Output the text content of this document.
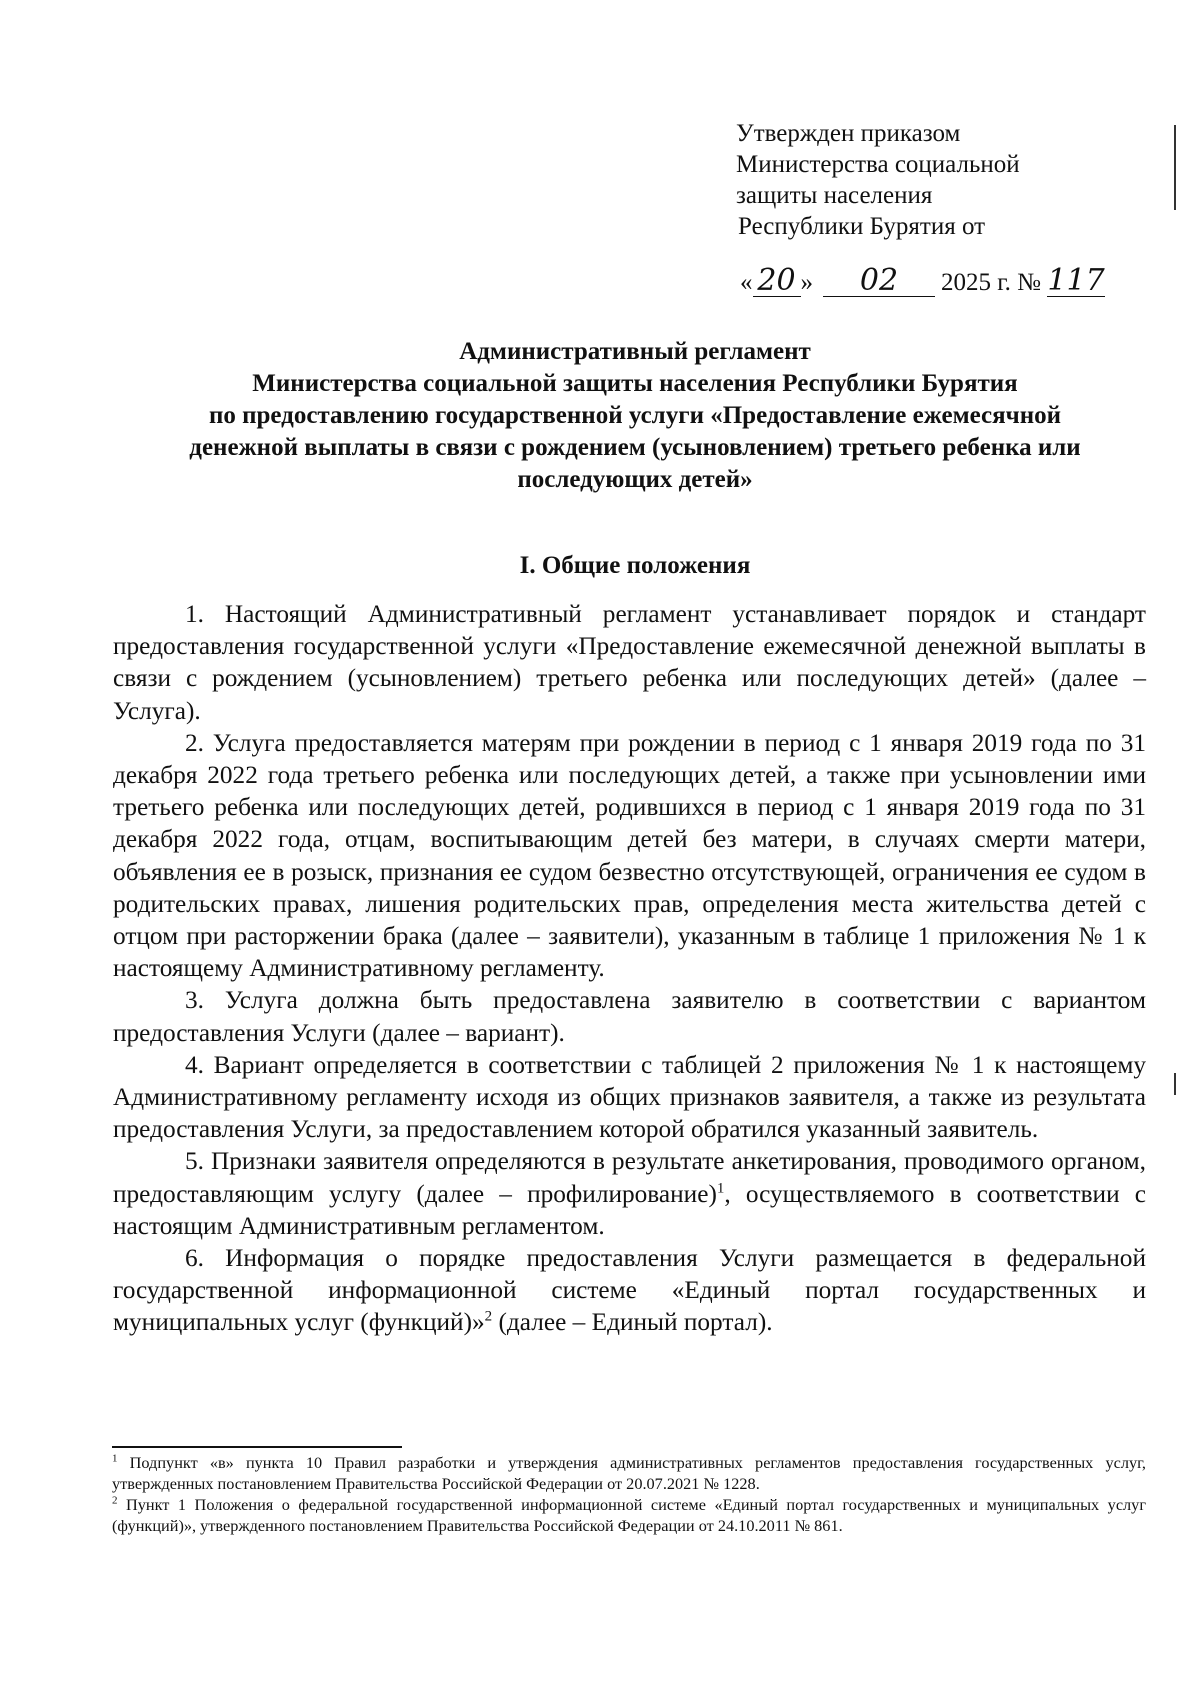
Утвержден приказом
Министерства социальной
защиты населения
Республики Бурятия от
« 20 »	02	2025 г. № 117
Административный регламент
Министерства социальной защиты населения Республики Бурятия
по предоставлению государственной услуги «Предоставление ежемесячной
денежной выплаты в связи с рождением (усыновлением) третьего ребенка или
последующих детей»
I. Общие положения

1. Настоящий Административный регламент устанавливает порядок и стандарт предоставления государственной услуги «Предоставление ежемесячной денежной выплаты в связи с рождением (усыновлением) третьего ребенка или последующих детей» (далее – Услуга).

2. Услуга предоставляется матерям при рождении в период с 1 января 2019 года по 31 декабря 2022 года третьего ребенка или последующих детей, а также при усыновлении ими третьего ребенка или последующих детей, родившихся в период с 1 января 2019 года по 31 декабря 2022 года, отцам, воспитывающим детей без матери, в случаях смерти матери, объявления ее в розыск, признания ее судом безвестно отсутствующей, ограничения ее судом в родительских правах, лишения родительских прав, определения места жительства детей с отцом при расторжении брака (далее – заявители), указанным в таблице 1 приложения № 1 к настоящему Административному регламенту.

3. Услуга должна быть предоставлена заявителю в соответствии с вариантом предоставления Услуги (далее – вариант).

4. Вариант определяется в соответствии с таблицей 2 приложения № 1 к настоящему Административному регламенту исходя из общих признаков заявителя, а также из результата предоставления Услуги, за предоставлением которой обратился указанный заявитель.

5. Признаки заявителя определяются в результате анкетирования, проводимого органом, предоставляющим услугу (далее – профилирование)$^1$, осуществляемого в соответствии с настоящим Административным регламентом.

6. Информация о порядке предоставления Услуги размещается в федеральной государственной информационной системе «Единый портал государственных и муниципальных услуг (функций)»$^2$ (далее – Единый портал).

$^1$ Подпункт «в» пункта 10 Правил разработки и утверждения административных регламентов предоставления государственных услуг, утвержденных постановлением Правительства Российской Федерации от 20.07.2021 № 1228.

$^2$ Пункт 1 Положения о федеральной государственной информационной системе «Единый портал государственных и муниципальных услуг (функций)», утвержденного постановлением Правительства Российской Федерации от 24.10.2011 № 861.
